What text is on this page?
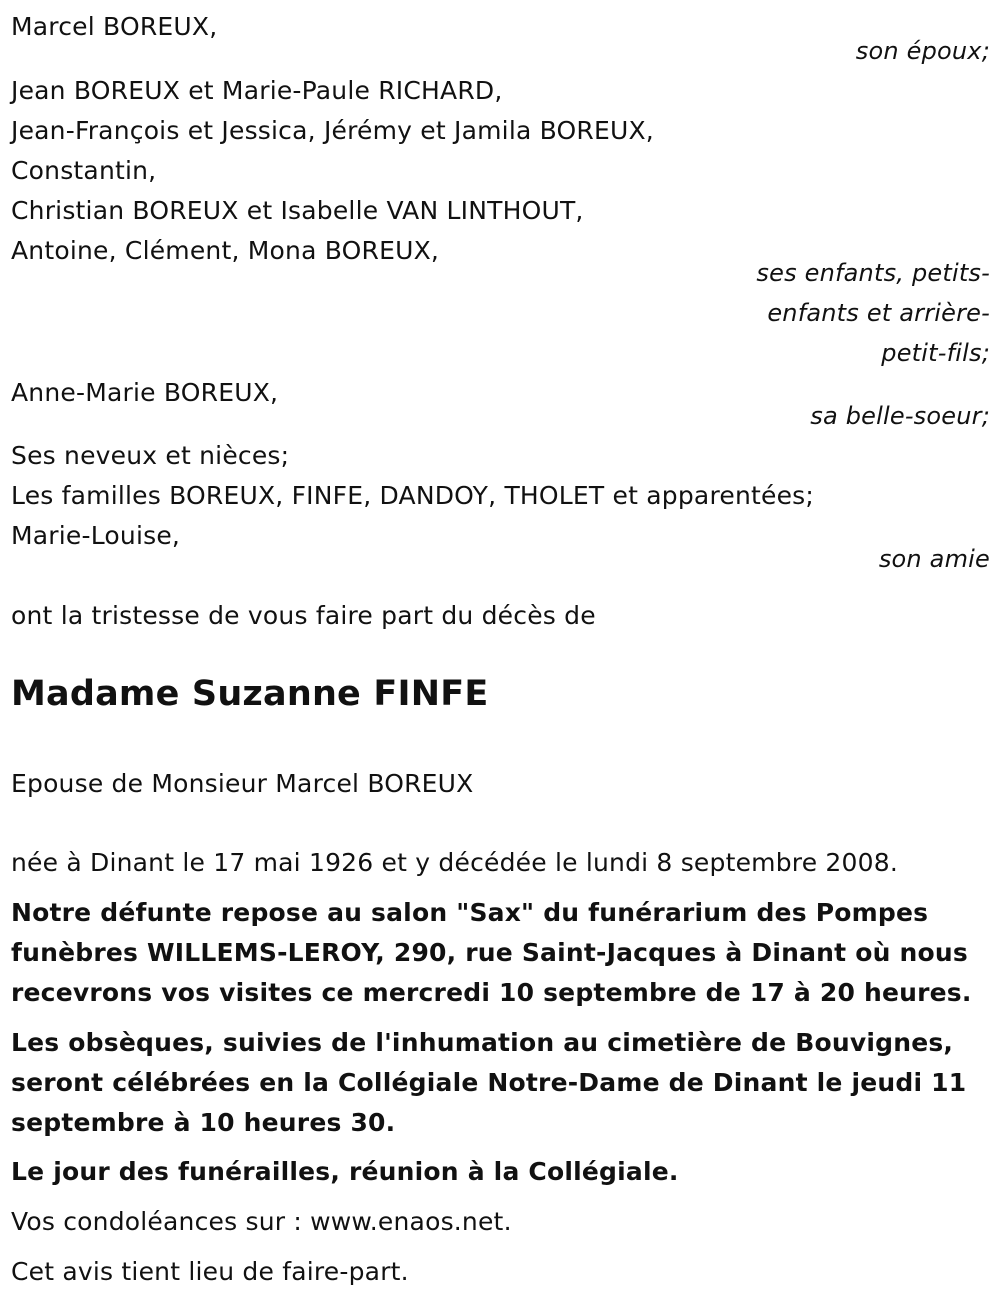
Marcel BOREUX,
son époux;
Jean BOREUX et Marie-Paule RICHARD,
Jean-François et Jessica, Jérémy et Jamila BOREUX,
Constantin,
Christian BOREUX et Isabelle VAN LINTHOUT,
Antoine, Clément, Mona BOREUX,
ses enfants, petits-
enfants et arrière-
petit-fils;
Anne-Marie BOREUX,
sa belle-soeur;
Ses neveux et nièces;
Les familles BOREUX, FINFE, DANDOY, THOLET et apparentées;
Marie-Louise,
son amie
ont la tristesse de vous faire part du décès de
Madame Suzanne FINFE
Epouse de Monsieur Marcel BOREUX
née à Dinant le 17 mai 1926 et y décédée le lundi 8 septembre 2008.
Notre défunte repose au salon "Sax" du funérarium des Pompes
funèbres WILLEMS-LEROY, 290, rue Saint-Jacques à Dinant où nous
recevrons vos visites ce mercredi 10 septembre de 17 à 20 heures.
Les obsèques, suivies de l'inhumation au cimetière de Bouvignes,
seront célébrées en la Collégiale Notre-Dame de Dinant le jeudi 11
septembre à 10 heures 30.
Le jour des funérailles, réunion à la Collégiale.
Vos condoléances sur : www.enaos.net.
Cet avis tient lieu de faire-part.
